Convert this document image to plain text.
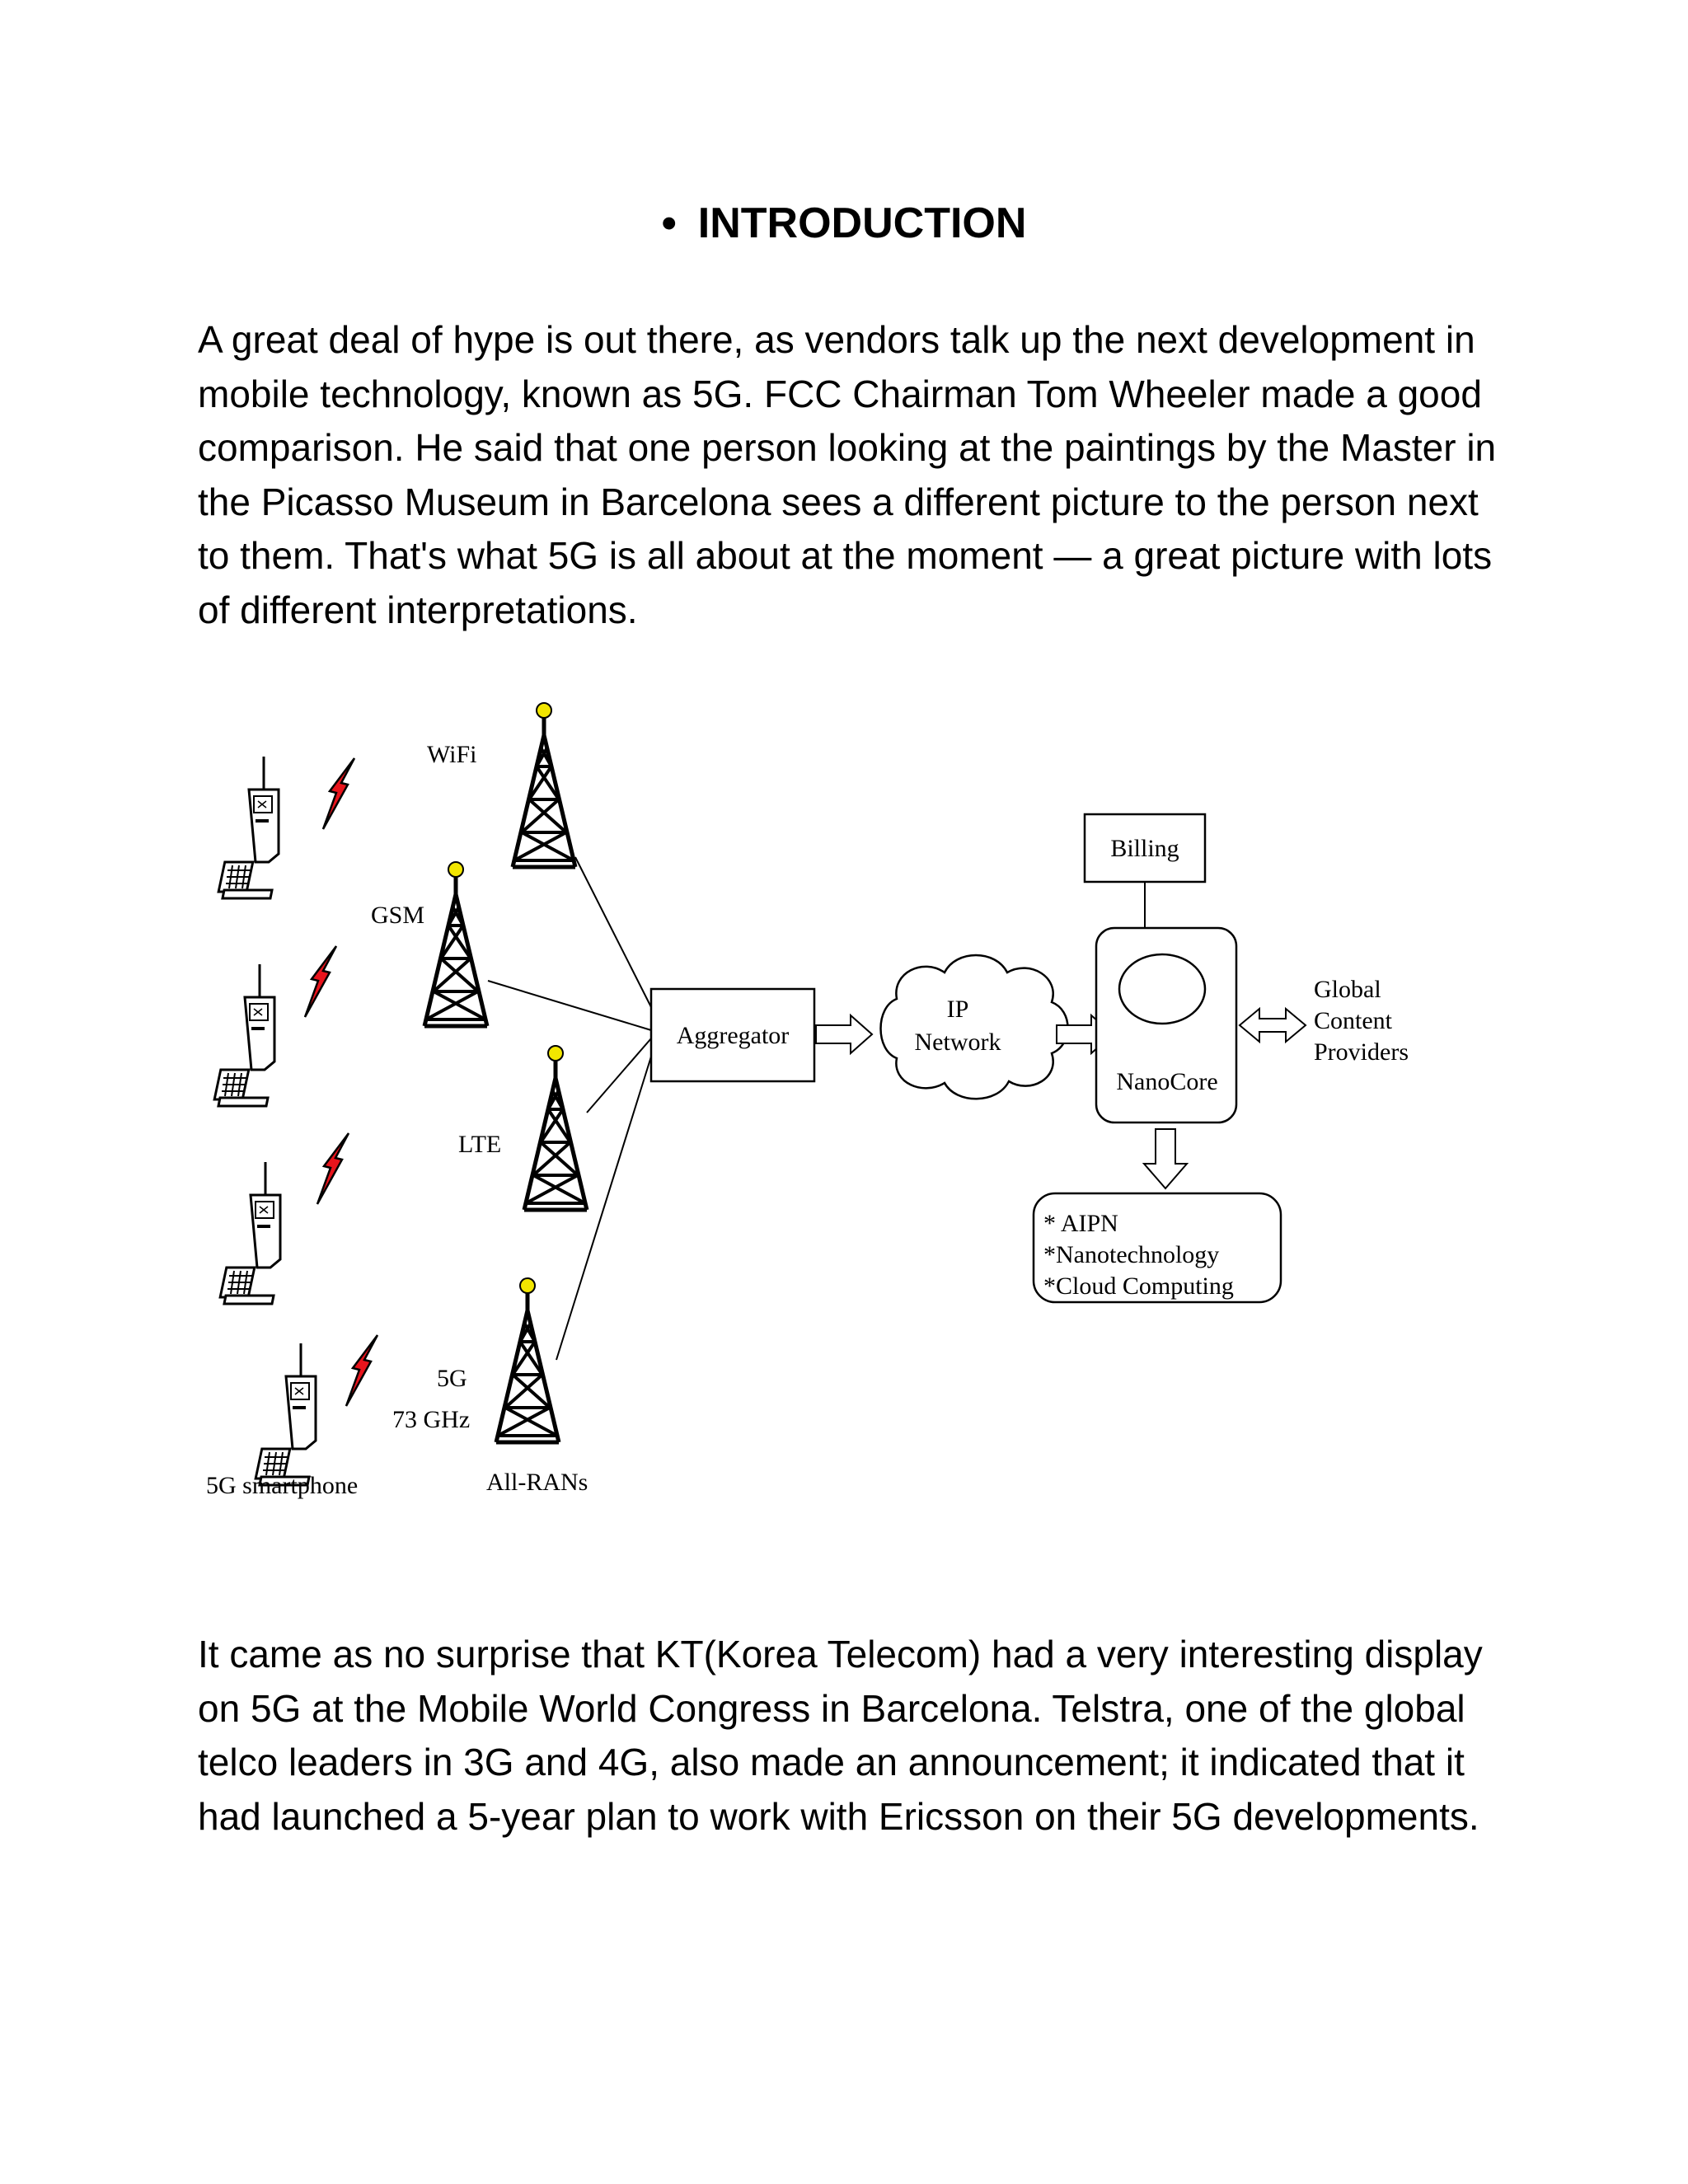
• INTRODUCTION

A great deal of hype is out there, as vendors talk up the next development in mobile technology, known as 5G. FCC Chairman Tom Wheeler made a good comparison. He said that one person looking at the paintings by the Master in the Picasso Museum in Barcelona sees a different picture to the person next to them. That's what 5G is all about at the moment — a great picture with lots of different interpretations.

WiFi
GSM
LTE
5G
73 GHz
5G smartphone	All-RANs
Aggregator
IP
Network
Billing
NanoCore
Global
Content
Providers
* AIPN
*Nanotechnology
*Cloud Computing

It came as no surprise that KT(Korea Telecom) had a very interesting display on 5G at the Mobile World Congress in Barcelona. Telstra, one of the global telco leaders in 3G and 4G, also made an announcement; it indicated that it had launched a 5-year plan to work with Ericsson on their 5G developments.
